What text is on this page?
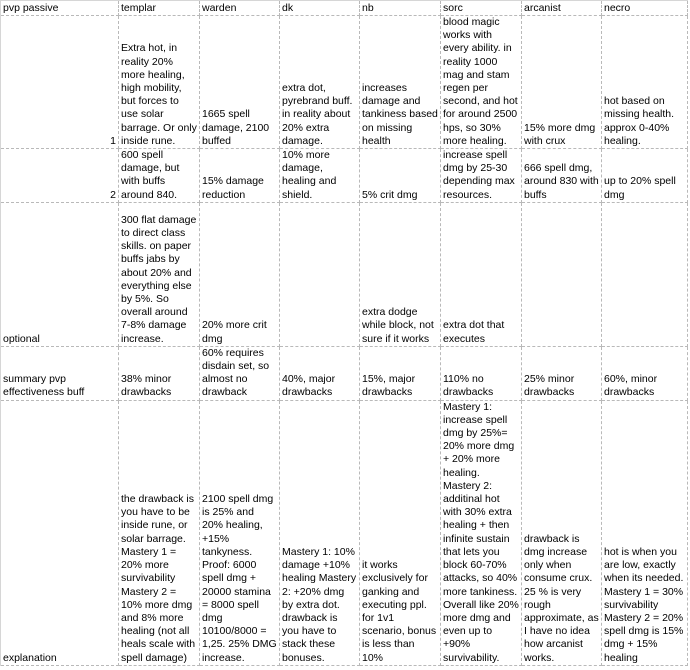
pvp passive	templar	warden	dk	nb	sorc	arcanist	necro

1	Extra hot, in reality 20% more healing, high mobility, but forces to use solar barrage. Or only inside rune.	1665 spell damage, 2100 buffed	extra dot, pyrebrand buff. in reality about 20% extra damage.	increases damage and tankiness based on missing health	blood magic works with every ability. in reality 1000 mag and stam regen per second, and hot for around 2500 hps, so 30% more healing.	15% more dmg with crux	hot based on missing health. approx 0-40% healing.

2	600 spell damage, but with buffs around 840.	15% damage reduction	10% more damage, healing and shield.	5% crit dmg	increase spell dmg by 25-30 depending max resources.	666 spell dmg, around 830 with buffs	up to 20% spell dmg
optional	300 flat damage to direct class skills. on paper buffs jabs by about 20% and everything else by 5%. So overall around 7-8% damage increase.	20% more crit dmg		extra dodge while block, not sure if it works	extra dot that executes		
summary pvp effectiveness buff	38% minor drawbacks	60% requires disdain set, so almost no drawback	40%, major drawbacks	15%, major drawbacks	110% no drawbacks	25% minor drawbacks	60%, minor drawbacks
explanation	the drawback is you have to be inside rune, or solar barrage. Mastery 1 = 20% more survivability Mastery 2 = 10% more dmg and 8% more healing (not all heals scale with spell damage)	2100 spell dmg is 25% and 20% healing, +15% tankyness. Proof: 6000 spell dmg + 20000 stamina = 8000 spell dmg 10100/8000 = 1,25. 25% DMG increase.	Mastery 1: 10% damage +10% healing Mastery 2: +20% dmg by extra dot. drawback is you have to stack these bonuses.	it works exclusively for ganking and executing ppl. for 1v1 scenario, bonus is less than 10%	Mastery 1: increase spell dmg by 25%= 20% more dmg + 20% more healing. Mastery 2: additinal hot with 30% extra healing + then infinite sustain that lets you block 60-70% attacks, so 40% more tankiness. Overall like 20% more dmg and even up to +90% survivability.	drawback is dmg increase only when consume crux. 25 % is very rough approximate, as I have no idea how arcanist works.	hot is when you are low, exactly when its needed. Mastery 1 = 30% survivability Mastery 2 = 20% spell dmg is 15% dmg + 15% healing
